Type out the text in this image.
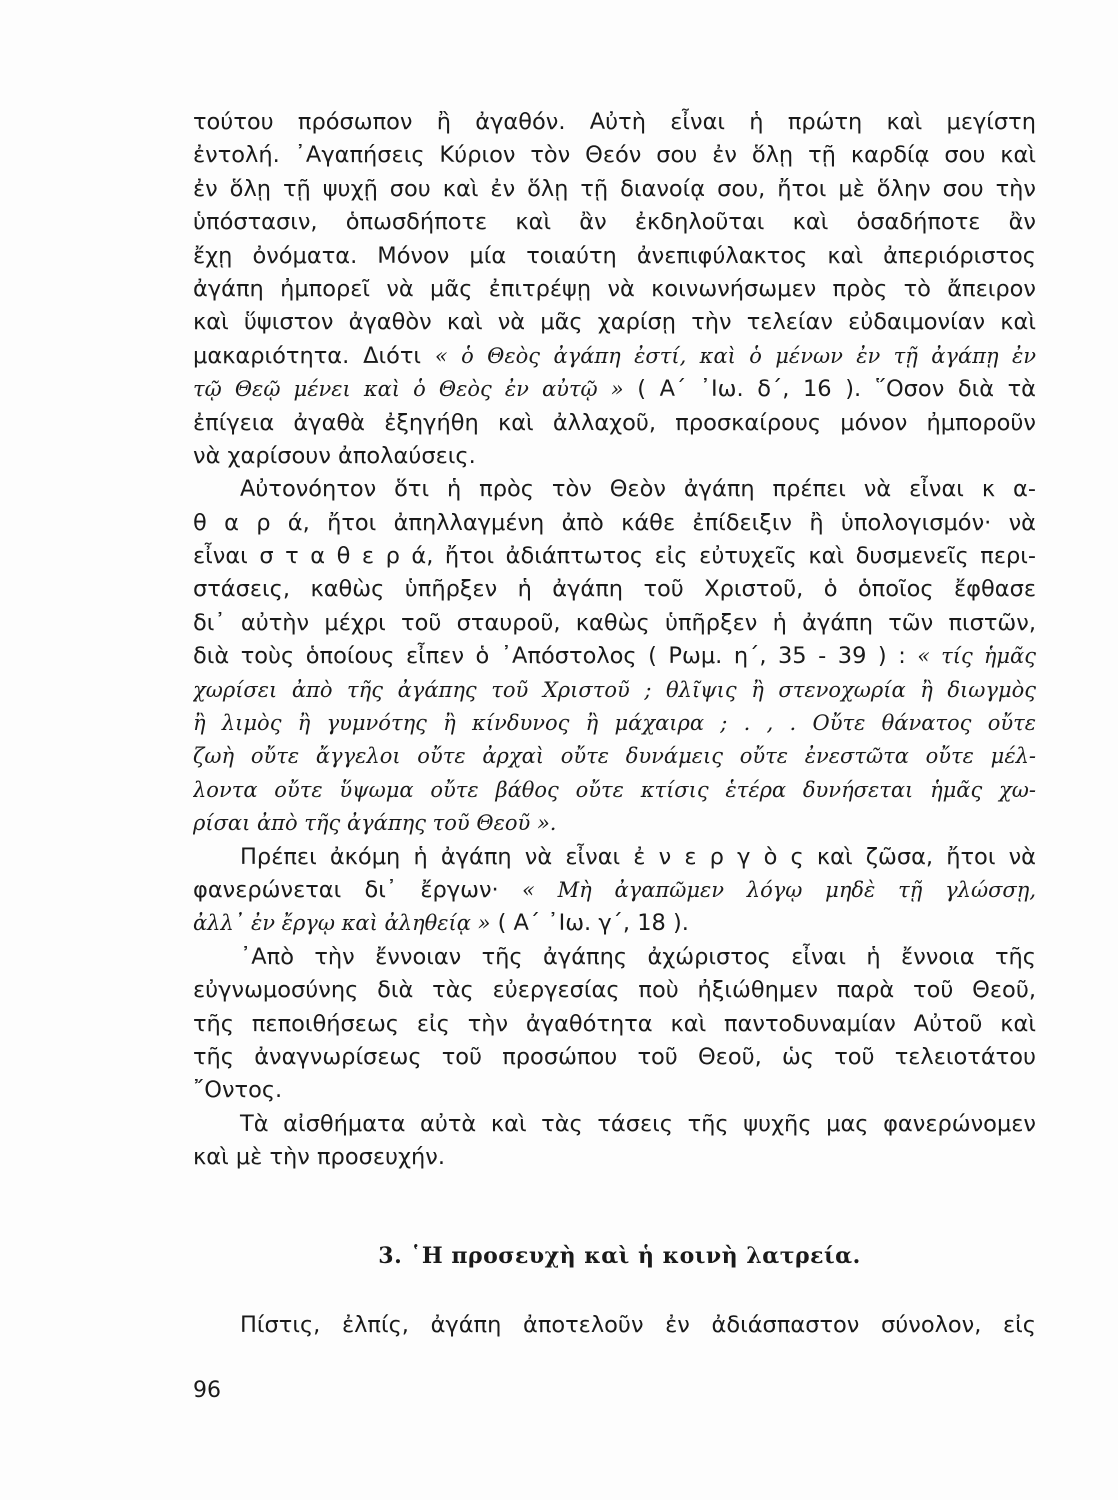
τούτου πρόσωπον ἢ ἀγαθόν. Αὐτὴ εἶναι ἡ πρώτη καὶ μεγίστη
ἐντολή. ᾿Αγαπήσεις Κύριον τὸν Θεόν σου ἐν ὅλῃ τῇ καρδίᾳ σου καὶ
ἐν ὅλῃ τῇ ψυχῇ σου καὶ ἐν ὅλῃ τῇ διανοίᾳ σου, ἤτοι μὲ ὅλην σου τὴν
ὑπόστασιν, ὁπωσδήποτε καὶ ἂν ἐκδηλοῦται καὶ ὁσαδήποτε ἂν
ἔχῃ ὀνόματα. Μόνον μία τοιαύτη ἀνεπιφύλακτος καὶ ἀπεριόριστος
ἀγάπη ἠμπορεῖ νὰ μᾶς ἐπιτρέψῃ νὰ κοινωνήσωμεν πρὸς τὸ ἄπειρον
καὶ ὕψιστον ἀγαθὸν καὶ νὰ μᾶς χαρίσῃ τὴν τελείαν εὐδαιμονίαν καὶ
μακαριότητα. Διότι « ὁ Θεὸς ἀγάπη ἐστί, καὶ ὁ μένων ἐν τῇ ἀγάπῃ ἐν
τῷ Θεῷ μένει καὶ ὁ Θεὸς ἐν αὐτῷ » ( Α΄ ᾿Ιω. δ΄, 16 ). ῞Οσον διὰ τὰ
ἐπίγεια ἀγαθὰ ἐξηγήθη καὶ ἀλλαχοῦ, προσκαίρους μόνον ἠμποροῦν
νὰ χαρίσουν ἀπολαύσεις.
Αὐτονόητον ὅτι ἡ πρὸς τὸν Θεὸν ἀγάπη πρέπει νὰ εἶναι κ α-
θ α ρ ά, ἤτοι ἀπηλλαγμένη ἀπὸ κάθε ἐπίδειξιν ἢ ὑπολογισμόν· νὰ
εἶναι σ τ α θ ε ρ ά, ἤτοι ἀδιάπτωτος εἰς εὐτυχεῖς καὶ δυσμενεῖς περι-
στάσεις, καθὼς ὑπῆρξεν ἡ ἀγάπη τοῦ Χριστοῦ, ὁ ὁποῖος ἔφθασε
δι᾿ αὐτὴν μέχρι τοῦ σταυροῦ, καθὼς ὑπῆρξεν ἡ ἀγάπη τῶν πιστῶν,
διὰ τοὺς ὁποίους εἶπεν ὁ ᾿Απόστολος ( Ρωμ. η΄, 35 - 39 ) : « τίς ἡμᾶς
χωρίσει ἀπὸ τῆς ἀγάπης τοῦ Χριστοῦ ; θλῖψις ἢ στενοχωρία ἢ διωγμὸς
ἢ λιμὸς ἢ γυμνότης ἢ κίνδυνος ἢ μάχαιρα ; . , . Οὔτε θάνατος οὔτε
ζωὴ οὔτε ἄγγελοι οὔτε ἀρχαὶ οὔτε δυνάμεις οὔτε ἐνεστῶτα οὔτε μέλ-
λοντα οὔτε ὕψωμα οὔτε βάθος οὔτε κτίσις ἑτέρα δυνήσεται ἡμᾶς χω-
ρίσαι ἀπὸ τῆς ἀγάπης τοῦ Θεοῦ ».
Πρέπει ἀκόμη ἡ ἀγάπη νὰ εἶναι ἐ ν ε ρ γ ὸ ς καὶ ζῶσα, ἤτοι νὰ
φανερώνεται δι᾿ ἔργων· « Μὴ ἀγαπῶμεν λόγῳ μηδὲ τῇ γλώσσῃ,
ἀλλ᾿ ἐν ἔργῳ καὶ ἀληθείᾳ » ( Α΄ ᾿Ιω. γ΄, 18 ).
᾿Απὸ τὴν ἔννοιαν τῆς ἀγάπης ἀχώριστος εἶναι ἡ ἔννοια τῆς
εὐγνωμοσύνης διὰ τὰς εὐεργεσίας ποὺ ἠξιώθημεν παρὰ τοῦ Θεοῦ,
τῆς πεποιθήσεως εἰς τὴν ἀγαθότητα καὶ παντοδυναμίαν Αὐτοῦ καὶ
τῆς ἀναγνωρίσεως τοῦ προσώπου τοῦ Θεοῦ, ὡς τοῦ τελειοτάτου
῎Οντος.
Τὰ αἰσθήματα αὐτὰ καὶ τὰς τάσεις τῆς ψυχῆς μας φανερώνομεν
καὶ μὲ τὴν προσευχήν.
3. ῾Η προσευχὴ καὶ ἡ κοινὴ λατρεία.
Πίστις, ἐλπίς, ἀγάπη ἀποτελοῦν ἐν ἀδιάσπαστον σύνολον, εἰς
96
